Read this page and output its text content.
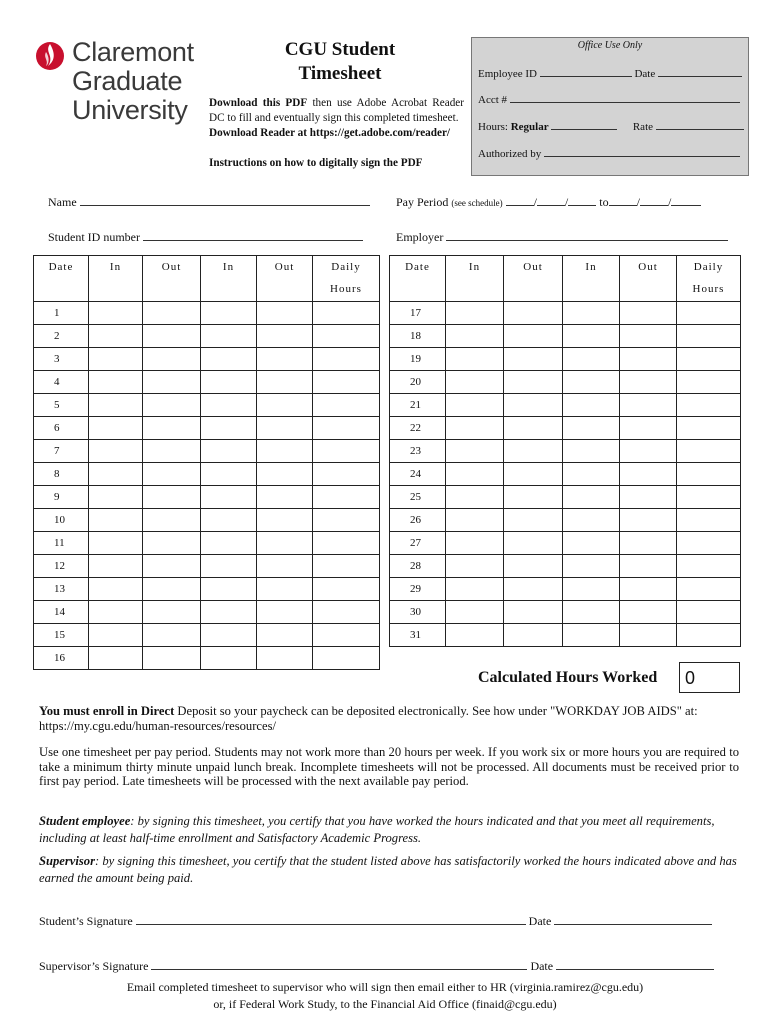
Claremont
Graduate
University
CGU Student
Timesheet
Download this PDF then use Adobe Acrobat Reader DC to fill and eventually sign this completed timesheet.
Download Reader at https://get.adobe.com/reader/
Instructions on how to digitally sign the PDF
Office Use Only
Employee ID	Date
Acct #
Hours: Regular	Rate
Authorized by
Name	Pay Period (see schedule)	/ /	to / /
Student ID number	Employer
Date	In	Out	In	Out	Daily Hours
1					
2					
3					
4					
5					
6					
7					
8					
9					
10					
11					
12					
13					
14					
15					
16					
Date	In	Out	In	Out	Daily Hours
17					
18					
19					
20					
21					
22					
23					
24					
25					
26					
27					
28					
29					
30					
31					
Calculated Hours Worked	0
You must enroll in Direct Deposit so your paycheck can be deposited electronically. See how under "WORKDAY JOB AIDS" at: https://my.cgu.edu/human-resources/resources/
Use one timesheet per pay period. Students may not work more than 20 hours per week. If you work six or more hours you are required to take a minimum thirty minute unpaid lunch break. Incomplete timesheets will not be processed. All documents must be received prior to first pay period. Late timesheets will be processed with the next available pay period.
Student employee: by signing this timesheet, you certify that you have worked the hours indicated and that you meet all requirements, including at least half-time enrollment and Satisfactory Academic Progress.
Supervisor: by signing this timesheet, you certify that the student listed above has satisfactorily worked the hours indicated above and has earned the amount being paid.
Student’s Signature	Date
Supervisor’s Signature	Date
Email completed timesheet to supervisor who will sign then email either to HR (virginia.ramirez@cgu.edu)
or, if Federal Work Study, to the Financial Aid Office (finaid@cgu.edu)
